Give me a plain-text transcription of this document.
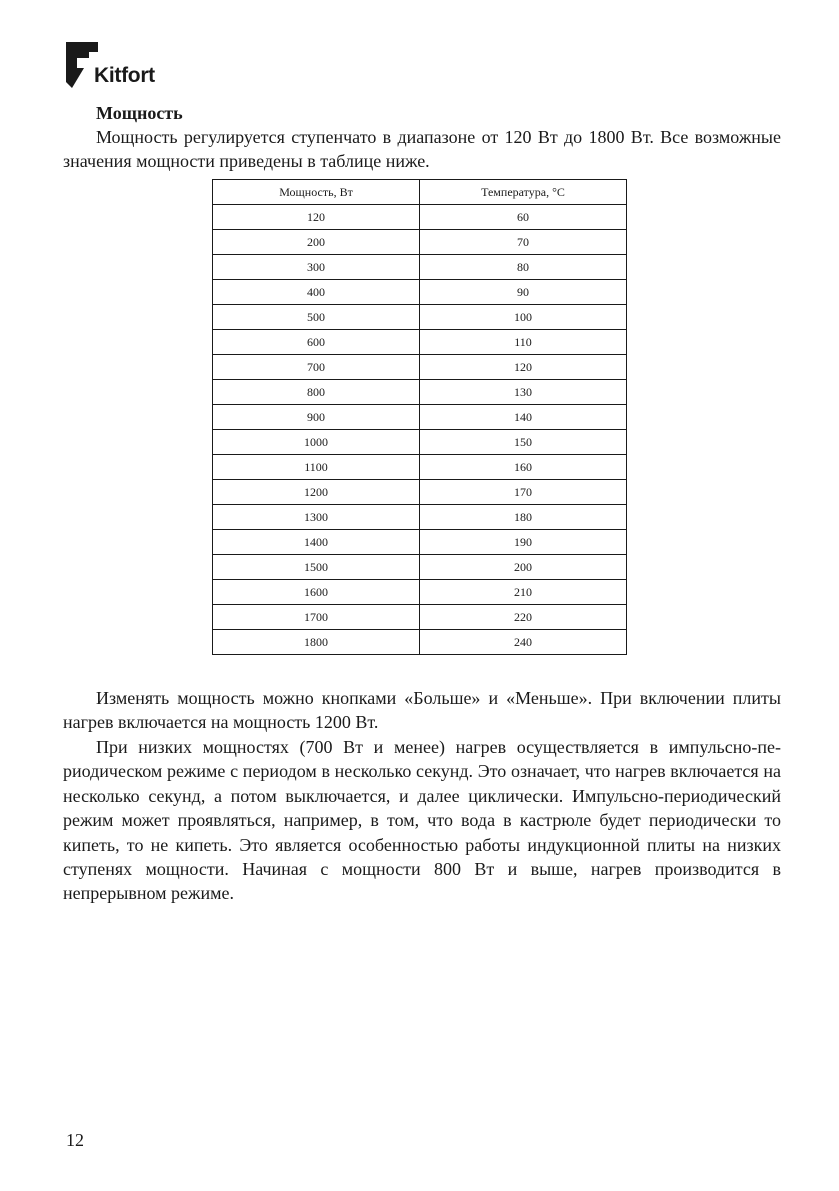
Kitfort
Мощность

Мощность регулируется ступенчато в диапазоне от 120 Вт до 1800 Вт. Все возможные значения мощности приведены в таблице ниже.

Мощность, Вт	Температура, °С
120	60
200	70
300	80
400	90
500	100
600	110
700	120
800	130
900	140
1000	150
1100	160
1200	170
1300	180
1400	190
1500	200
1600	210
1700	220
1800	240

Изменять мощность можно кнопками «Больше» и «Меньше». При включении плиты нагрев включается на мощность 1200 Вт.

При низких мощностях (700 Вт и менее) нагрев осуществляется в импульсно-периодическом режиме с периодом в несколько секунд. Это означает, что нагрев включается на несколько секунд, а потом выключается, и далее циклически. Импульсно-периодический режим может проявляться, например, в том, что вода в кастрюле будет периодически то кипеть, то не кипеть. Это является особенностью работы индукционной плиты на низких ступенях мощности. Начиная с мощности 800 Вт и выше, нагрев производится в непрерывном режиме.

12
